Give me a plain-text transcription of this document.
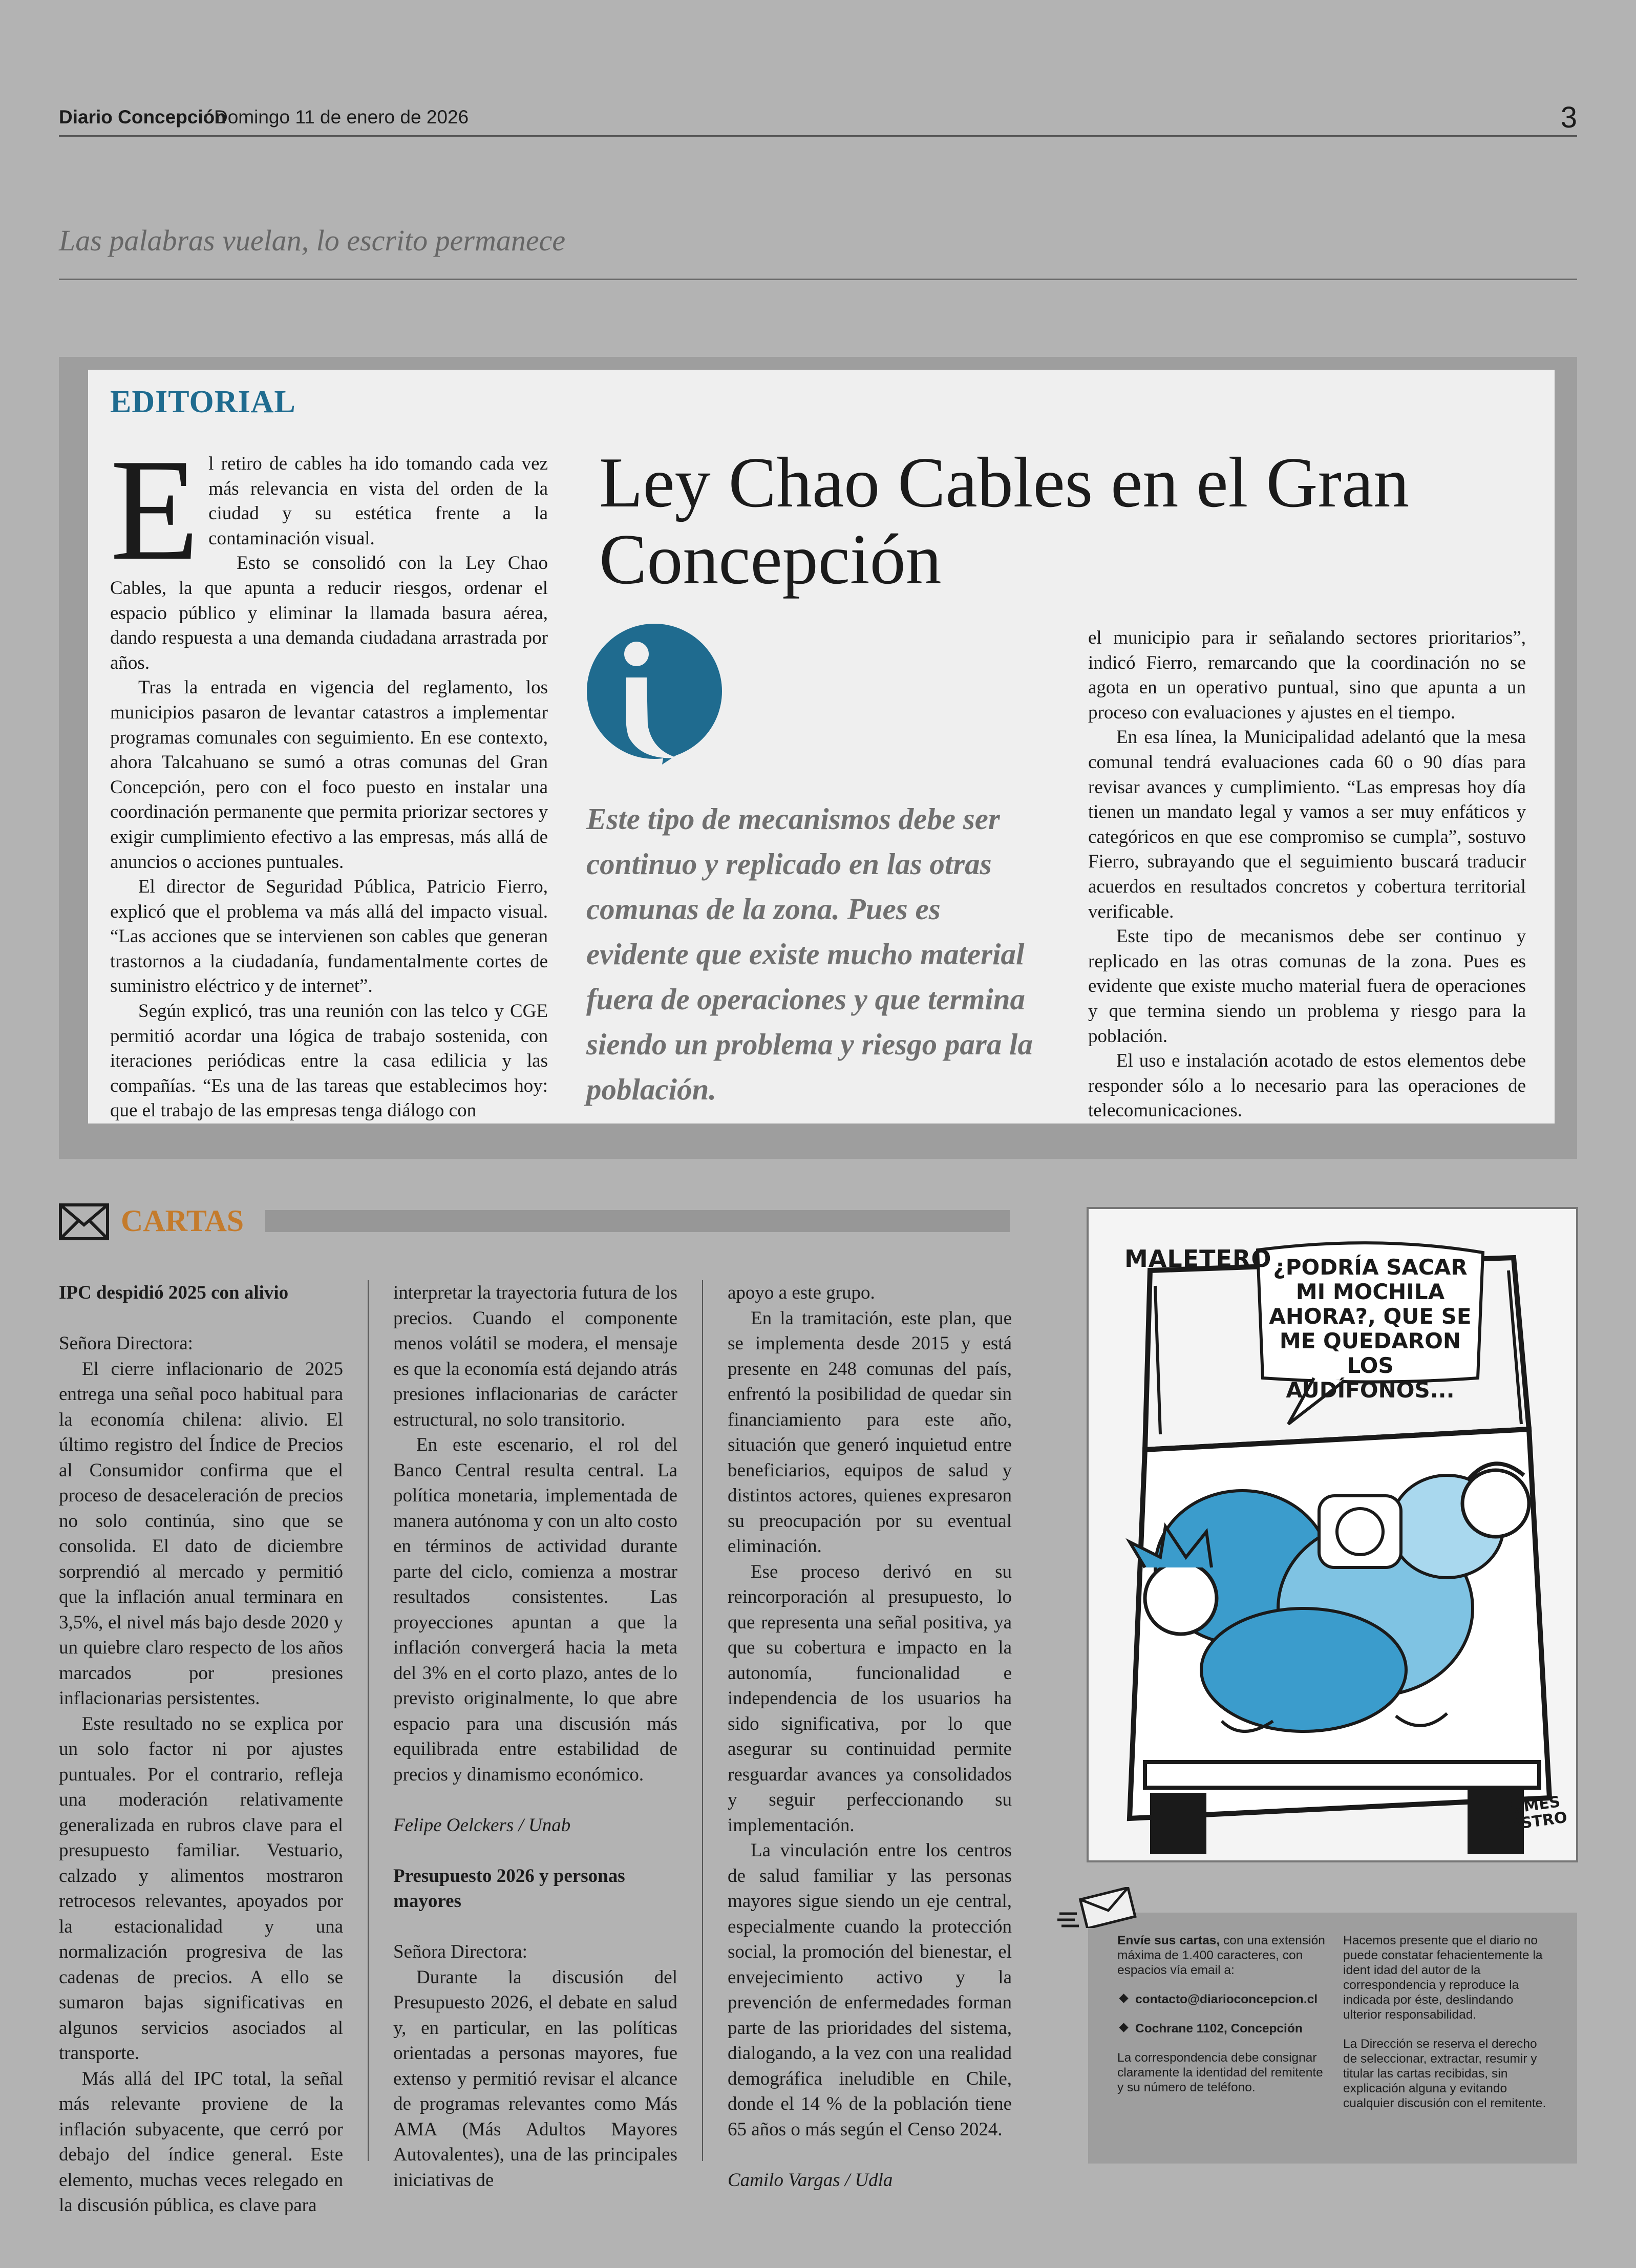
Diario Concepción
Domingo 11 de enero de 2026	3
Las palabras vuelan, lo escrito permanece
EDITORIAL
E l retiro de cables ha ido tomando cada vez más relevancia en vista del orden de la ciudad y su estética frente a la contaminación visual.

Esto se consolidó con la Ley Chao Cables, la que apunta a reducir riesgos, ordenar el espacio público y eliminar la llamada basura aérea, dando respuesta a una demanda ciudadana arrastrada por años.

Tras la entrada en vigencia del reglamento, los municipios pasaron de levantar catastros a implementar programas comunales con seguimiento. En ese contexto, ahora Talcahuano se sumó a otras comunas del Gran Concepción, pero con el foco puesto en instalar una coordinación permanente que permita priorizar sectores y exigir cumplimiento efectivo a las empresas, más allá de anuncios o acciones puntuales.

El director de Seguridad Pública, Patricio Fierro, explicó que el problema va más allá del impacto visual. “Las acciones que se intervienen son cables que generan trastornos a la ciudadanía, fundamentalmente cortes de suministro eléctrico y de internet”.

Según explicó, tras una reunión con las telco y CGE permitió acordar una lógica de trabajo sostenida, con iteraciones periódicas entre la casa edilicia y las compañías. “Es una de las tareas que establecimos hoy: que el trabajo de las empresas tenga diálogo con

Ley Chao Cables en el Gran Concepción
Este tipo de mecanismos debe ser continuo y replicado en las otras comunas de la zona. Pues es evidente que existe mucho material fuera de operaciones y que termina siendo un problema y riesgo para la población.

el municipio para ir señalando sectores prioritarios”, indicó Fierro, remarcando que la coordinación no se agota en un operativo puntual, sino que apunta a un proceso con evaluaciones y ajustes en el tiempo.

En esa línea, la Municipalidad adelantó que la mesa comunal tendrá evaluaciones cada 60 o 90 días para revisar avances y cumplimiento. “Las empresas hoy día tienen un mandato legal y vamos a ser muy enfáticos y categóricos en que ese compromiso se cumpla”, sostuvo Fierro, subrayando que el seguimiento buscará traducir acuerdos en resultados concretos y cobertura territorial verificable.

Este tipo de mecanismos debe ser continuo y replicado en las otras comunas de la zona. Pues es evidente que existe mucho material fuera de operaciones y que termina siendo un problema y riesgo para la población.

El uso e instalación acotado de estos elementos debe responder sólo a lo necesario para las operaciones de telecomunicaciones.

CARTAS

IPC despidió 2025 con alivio

Señora Directora:

El cierre inflacionario de 2025 entrega una señal poco habitual para la economía chilena: alivio. El último registro del Índice de Precios al Consumidor confirma que el proceso de desaceleración de precios no solo continúa, sino que se consolida. El dato de diciembre sorprendió al mercado y permitió que la inflación anual terminara en 3,5%, el nivel más bajo desde 2020 y un quiebre claro respecto de los años marcados por presiones inflacionarias persistentes.

Este resultado no se explica por un solo factor ni por ajustes puntuales. Por el contrario, refleja una moderación relativamente generalizada en rubros clave para el presupuesto familiar. Vestuario, calzado y alimentos mostraron retrocesos relevantes, apoyados por la estacionalidad y una normalización progresiva de las cadenas de precios. A ello se sumaron bajas significativas en algunos servicios asociados al transporte.

Más allá del IPC total, la señal más relevante proviene de la inflación subyacente, que cerró por debajo del índice general. Este elemento, muchas veces relegado en la discusión pública, es clave para

interpretar la trayectoria futura de los precios. Cuando el componente menos volátil se modera, el mensaje es que la economía está dejando atrás presiones inflacionarias de carácter estructural, no solo transitorio.

En este escenario, el rol del Banco Central resulta central. La política monetaria, implementada de manera autónoma y con un alto costo en términos de actividad durante parte del ciclo, comienza a mostrar resultados consistentes. Las proyecciones apuntan a que la inflación convergerá hacia la meta del 3% en el corto plazo, antes de lo previsto originalmente, lo que abre espacio para una discusión más equilibrada entre estabilidad de precios y dinamismo económico.

Felipe Oelckers / Unab

Presupuesto 2026 y personas mayores

Señora Directora:

Durante la discusión del Presupuesto 2026, el debate en salud y, en particular, en las políticas orientadas a personas mayores, fue extenso y permitió revisar el alcance de programas relevantes como Más AMA (Más Adultos Mayores Autovalentes), una de las principales iniciativas de

apoyo a este grupo.

En la tramitación, este plan, que se implementa desde 2015 y está presente en 248 comunas del país, enfrentó la posibilidad de quedar sin financiamiento para este año, situación que generó inquietud entre beneficiarios, equipos de salud y distintos actores, quienes expresaron su preocupación por su eventual eliminación.

Ese proceso derivó en su reincorporación al presupuesto, lo que representa una señal positiva, ya que su cobertura e impacto en la autonomía, funcionalidad e independencia de los usuarios ha sido significativa, por lo que asegurar su continuidad permite resguardar avances ya consolidados y seguir perfeccionando su implementación.

La vinculación entre los centros de salud familiar y las personas mayores sigue siendo un eje central, especialmente cuando la protección social, la promoción del bienestar, el envejecimiento activo y la prevención de enfermedades forman parte de las prioridades del sistema, dialogando, a la vez con una realidad demográfica ineludible en Chile, donde el 14 % de la población tiene 65 años o más según el Censo 2024.

Camilo Vargas / Udla

MALETERO ¿PODRÍA SACAR MI MOCHILA AHORA?, QUE SE ME QUEDARON LOS AUDÍFONOS...
JAIMES CASTRO

Envíe sus cartas, con una extensión máxima de 1.400 caracteres, con espacios vía email a:

contacto@diarioconcepcion.cl
Cochrane 1102, Concepción

La correspondencia debe consignar claramente la identidad del remitente y su número de teléfono.

Hacemos presente que el diario no puede constatar fehacientemente la ident idad del autor de la correspondencia y reproduce la indicada por éste, deslindando ulterior responsabilidad.

La Dirección se reserva el derecho de seleccionar, extractar, resumir y titular las cartas recibidas, sin explicación alguna y evitando cualquier discusión con el remitente.
